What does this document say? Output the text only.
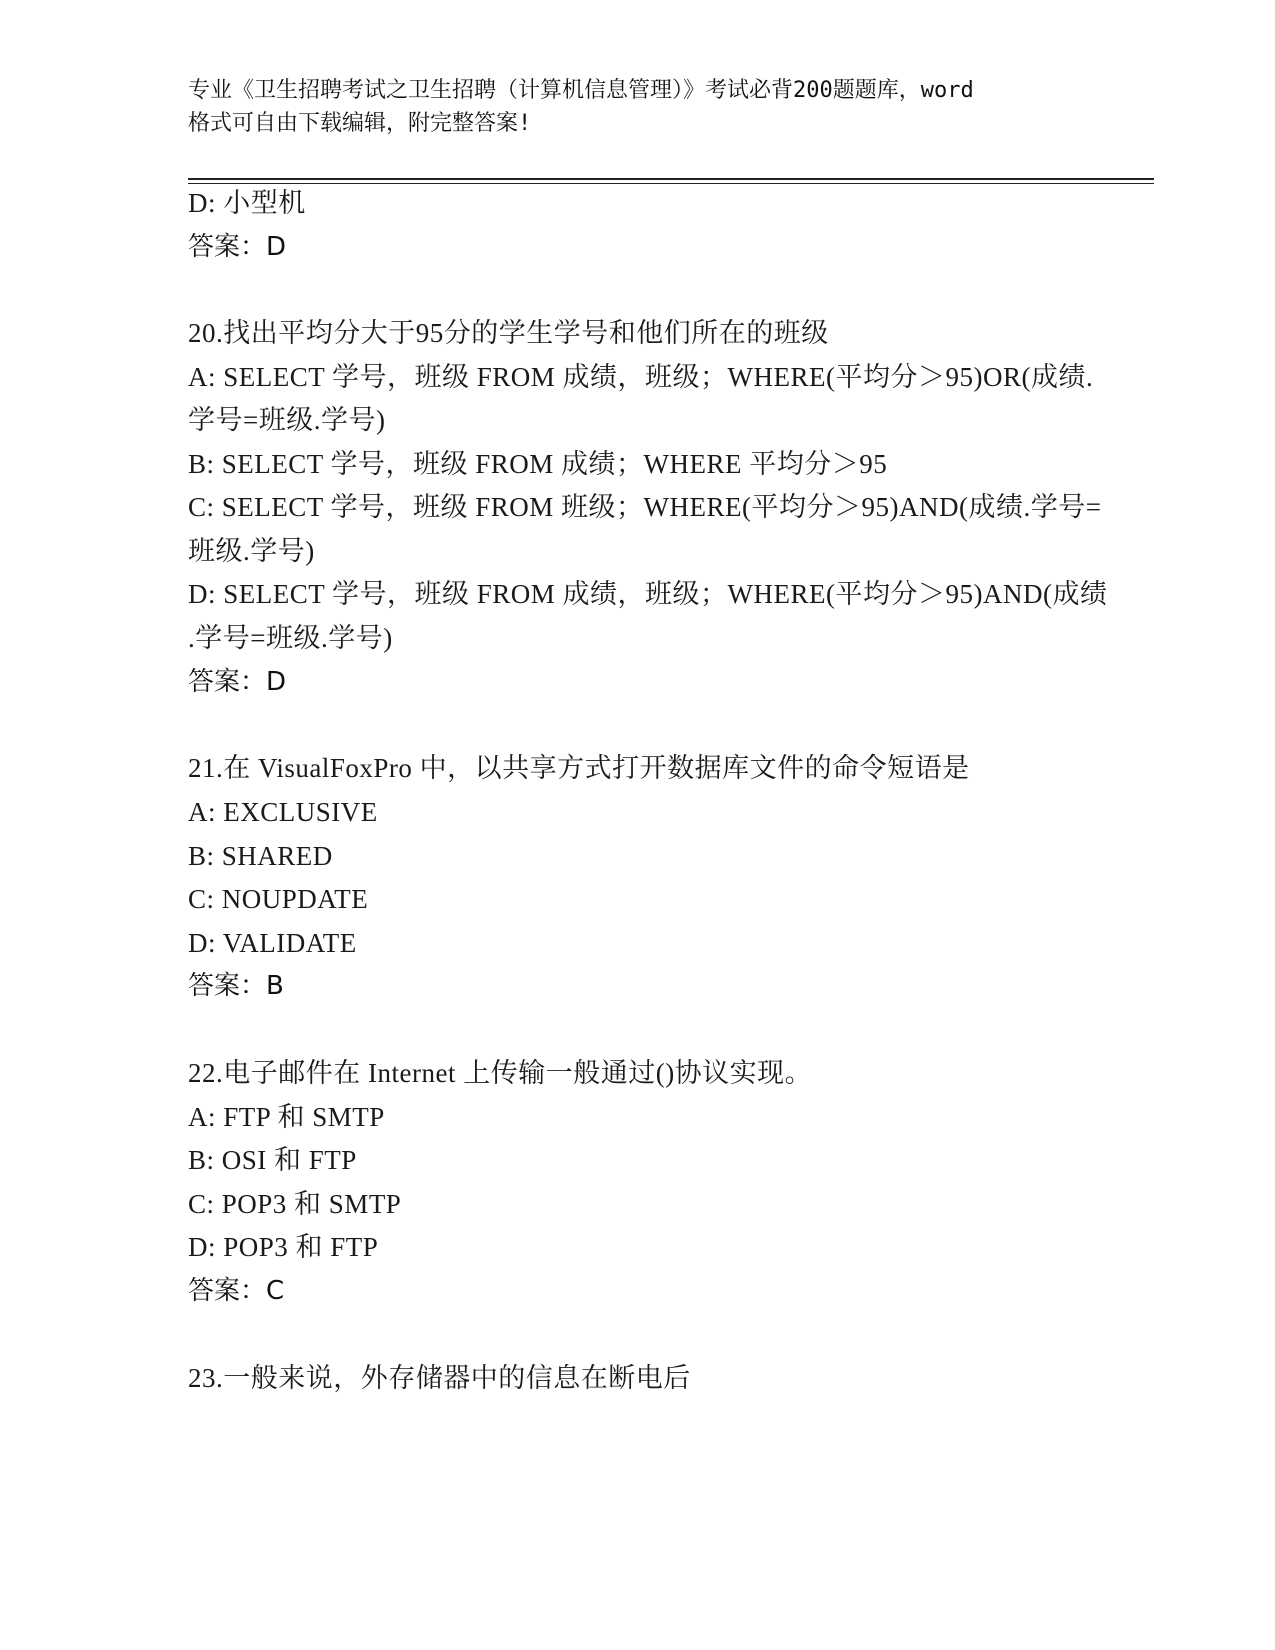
专业《卫生招聘考试之卫生招聘（计算机信息管理）》考试必背200题题库，word
格式可自由下载编辑，附完整答案!
D: 小型机
答案：D
20.找出平均分大于95分的学生学号和他们所在的班级
A: SELECT 学号，班级 FROM 成绩，班级；WHERE(平均分＞95)OR(成绩.
学号=班级.学号)
B: SELECT 学号，班级 FROM 成绩；WHERE 平均分＞95
C: SELECT 学号，班级 FROM 班级；WHERE(平均分＞95)AND(成绩.学号=
班级.学号)
D: SELECT 学号，班级 FROM 成绩，班级；WHERE(平均分＞95)AND(成绩
.学号=班级.学号)
答案：D
21.在 VisualFoxPro 中，以共享方式打开数据库文件的命令短语是
A: EXCLUSIVE
B: SHARED
C: NOUPDATE
D: VALIDATE
答案：B
22.电子邮件在 Internet 上传输一般通过()协议实现。
A: FTP 和 SMTP
B: OSI 和 FTP
C: POP3 和 SMTP
D: POP3 和 FTP
答案：C
23.一般来说，外存储器中的信息在断电后
